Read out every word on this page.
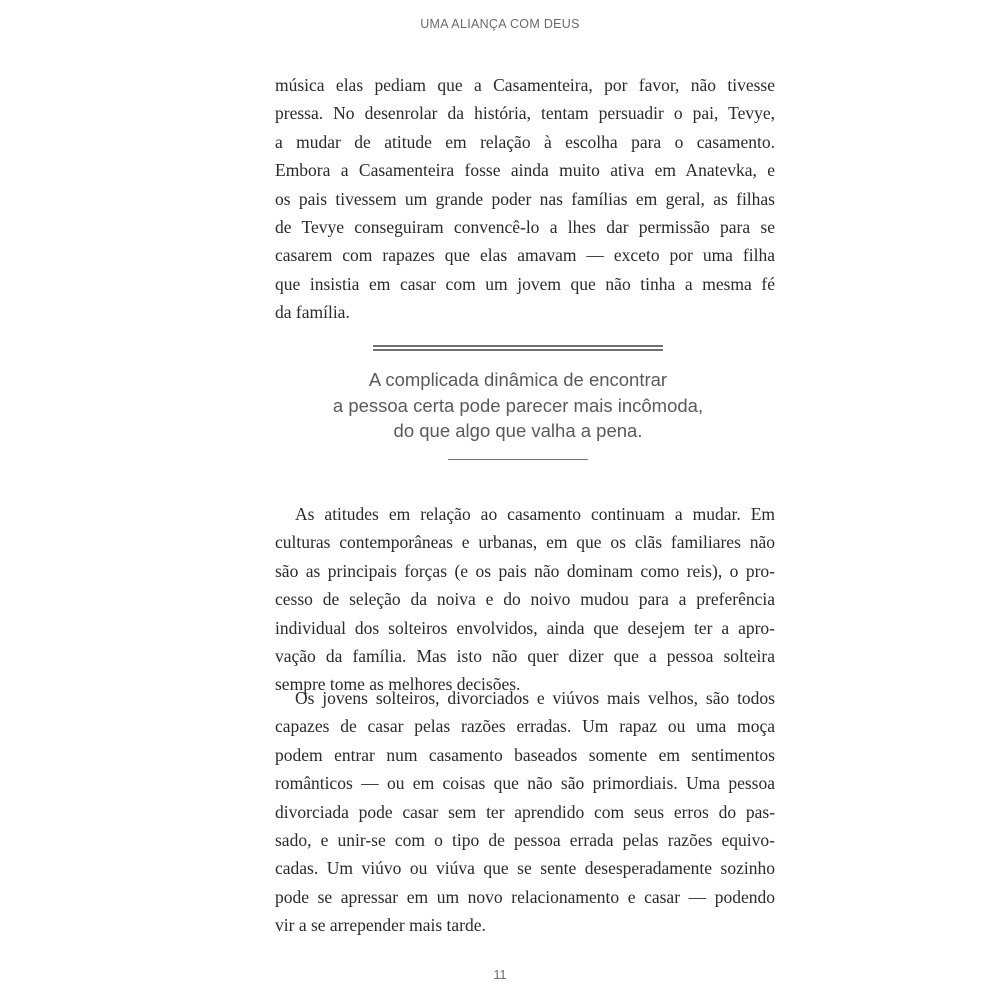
UMA ALIANÇA COM DEUS
música elas pediam que a Casamenteira, por favor, não tivesse
pressa. No desenrolar da história, tentam persuadir o pai, Tevye,
a mudar de atitude em relação à escolha para o casamento.
Embora a Casamenteira fosse ainda muito ativa em Anatevka, e
os pais tivessem um grande poder nas famílias em geral, as filhas
de Tevye conseguiram convencê-lo a lhes dar permissão para se
casarem com rapazes que elas amavam — exceto por uma filha
que insistia em casar com um jovem que não tinha a mesma fé
da família.
A complicada dinâmica de encontrar
a pessoa certa pode parecer mais incômoda,
do que algo que valha a pena.
As atitudes em relação ao casamento continuam a mudar. Em
culturas contemporâneas e urbanas, em que os clãs familiares não
são as principais forças (e os pais não dominam como reis), o pro-
cesso de seleção da noiva e do noivo mudou para a preferência
individual dos solteiros envolvidos, ainda que desejem ter a apro-
vação da família. Mas isto não quer dizer que a pessoa solteira
sempre tome as melhores decisões.
Os jovens solteiros, divorciados e viúvos mais velhos, são todos
capazes de casar pelas razões erradas. Um rapaz ou uma moça
podem entrar num casamento baseados somente em sentimentos
românticos — ou em coisas que não são primordiais. Uma pessoa
divorciada pode casar sem ter aprendido com seus erros do pas-
sado, e unir-se com o tipo de pessoa errada pelas razões equivo-
cadas. Um viúvo ou viúva que se sente desesperadamente sozinho
pode se apressar em um novo relacionamento e casar — podendo
vir a se arrepender mais tarde.
11
